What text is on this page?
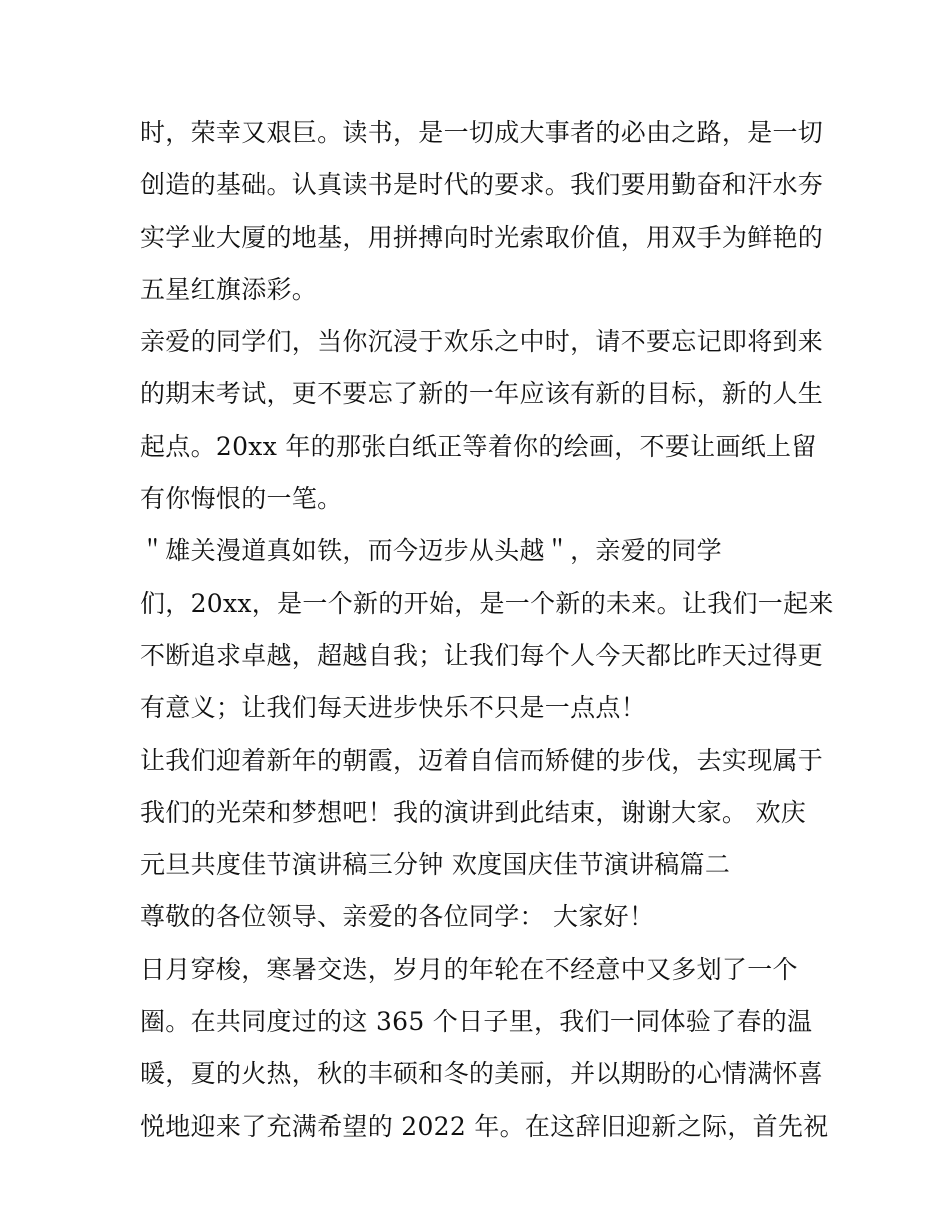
时，荣幸又艰巨。读书，是一切成大事者的必由之路，是一切
创造的基础。认真读书是时代的要求。我们要用勤奋和汗水夯
实学业大厦的地基，用拼搏向时光索取价值，用双手为鲜艳的
五星红旗添彩。
亲爱的同学们，当你沉浸于欢乐之中时，请不要忘记即将到来
的期末考试，更不要忘了新的一年应该有新的目标，新的人生
起点。20xx 年的那张白纸正等着你的绘画，不要让画纸上留
有你悔恨的一笔。
＂雄关漫道真如铁，而今迈步从头越＂，亲爱的同学
们，20xx，是一个新的开始，是一个新的未来。让我们一起来
不断追求卓越，超越自我；让我们每个人今天都比昨天过得更
有意义；让我们每天进步快乐不只是一点点！
让我们迎着新年的朝霞，迈着自信而矫健的步伐，去实现属于
我们的光荣和梦想吧！我的演讲到此结束，谢谢大家。 欢庆
元旦共度佳节演讲稿三分钟 欢度国庆佳节演讲稿篇二
尊敬的各位领导、亲爱的各位同学： 大家好！
日月穿梭，寒暑交迭，岁月的年轮在不经意中又多划了一个
圈。在共同度过的这 365 个日子里，我们一同体验了春的温
暖，夏的火热，秋的丰硕和冬的美丽，并以期盼的心情满怀喜
悦地迎来了充满希望的 2022 年。在这辞旧迎新之际，首先祝
